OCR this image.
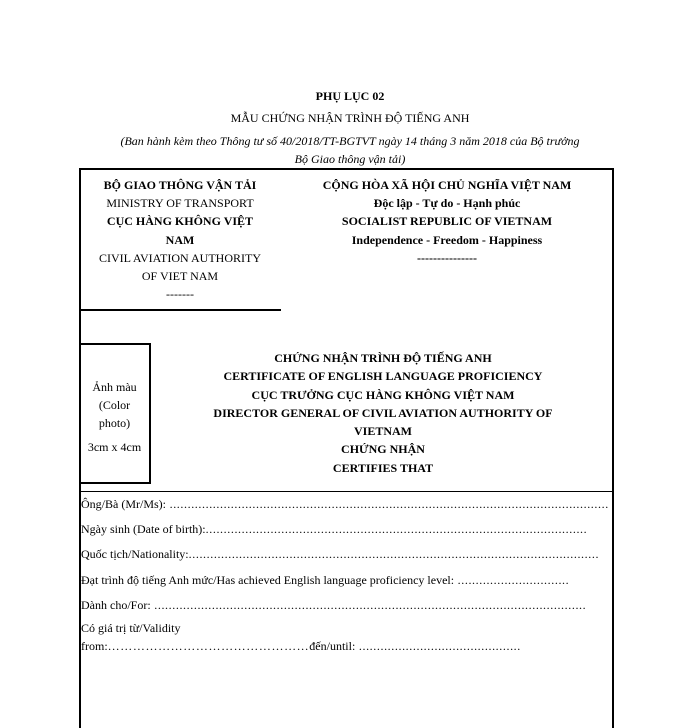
PHỤ LỤC 02
MẪU CHỨNG NHẬN TRÌNH ĐỘ TIẾNG ANH
(Ban hành kèm theo Thông tư số 40/2018/TT-BGTVT ngày 14 tháng 3 năm 2018 của Bộ trưởng
Bộ Giao thông vận tải)
BỘ GIAO THÔNG VẬN TẢI
MINISTRY OF TRANSPORT
CỤC HÀNG KHÔNG VIỆT
NAM
CIVIL AVIATION AUTHORITY
OF VIET NAM
-------
CỘNG HÒA XÃ HỘI CHỦ NGHĨA VIỆT NAM
Độc lập - Tự do - Hạnh phúc
SOCIALIST REPUBLIC OF VIETNAM
Independence - Freedom - Happiness
---------------
Ảnh màu
(Color
photo)
3cm x 4cm
CHỨNG NHẬN TRÌNH ĐỘ TIẾNG ANH
CERTIFICATE OF ENGLISH LANGUAGE PROFICIENCY
CỤC TRƯỞNG CỤC HÀNG KHÔNG VIỆT NAM
DIRECTOR GENERAL OF CIVIL AVIATION AUTHORITY OF
VIETNAM
CHỨNG NHẬN
CERTIFIES THAT
Ông/Bà (Mr/Ms): ..........................................................................................................................
Ngày sinh (Date of birth):..........................................................................................................
Quốc tịch/Nationality:..................................................................................................................
Đạt trình độ tiếng Anh mức/Has achieved English language proficiency level: ...............................
Dành cho/For: ........................................................................................................................
Có giá trị từ/Validity
from:…………………………………………đến/until: .............................................
